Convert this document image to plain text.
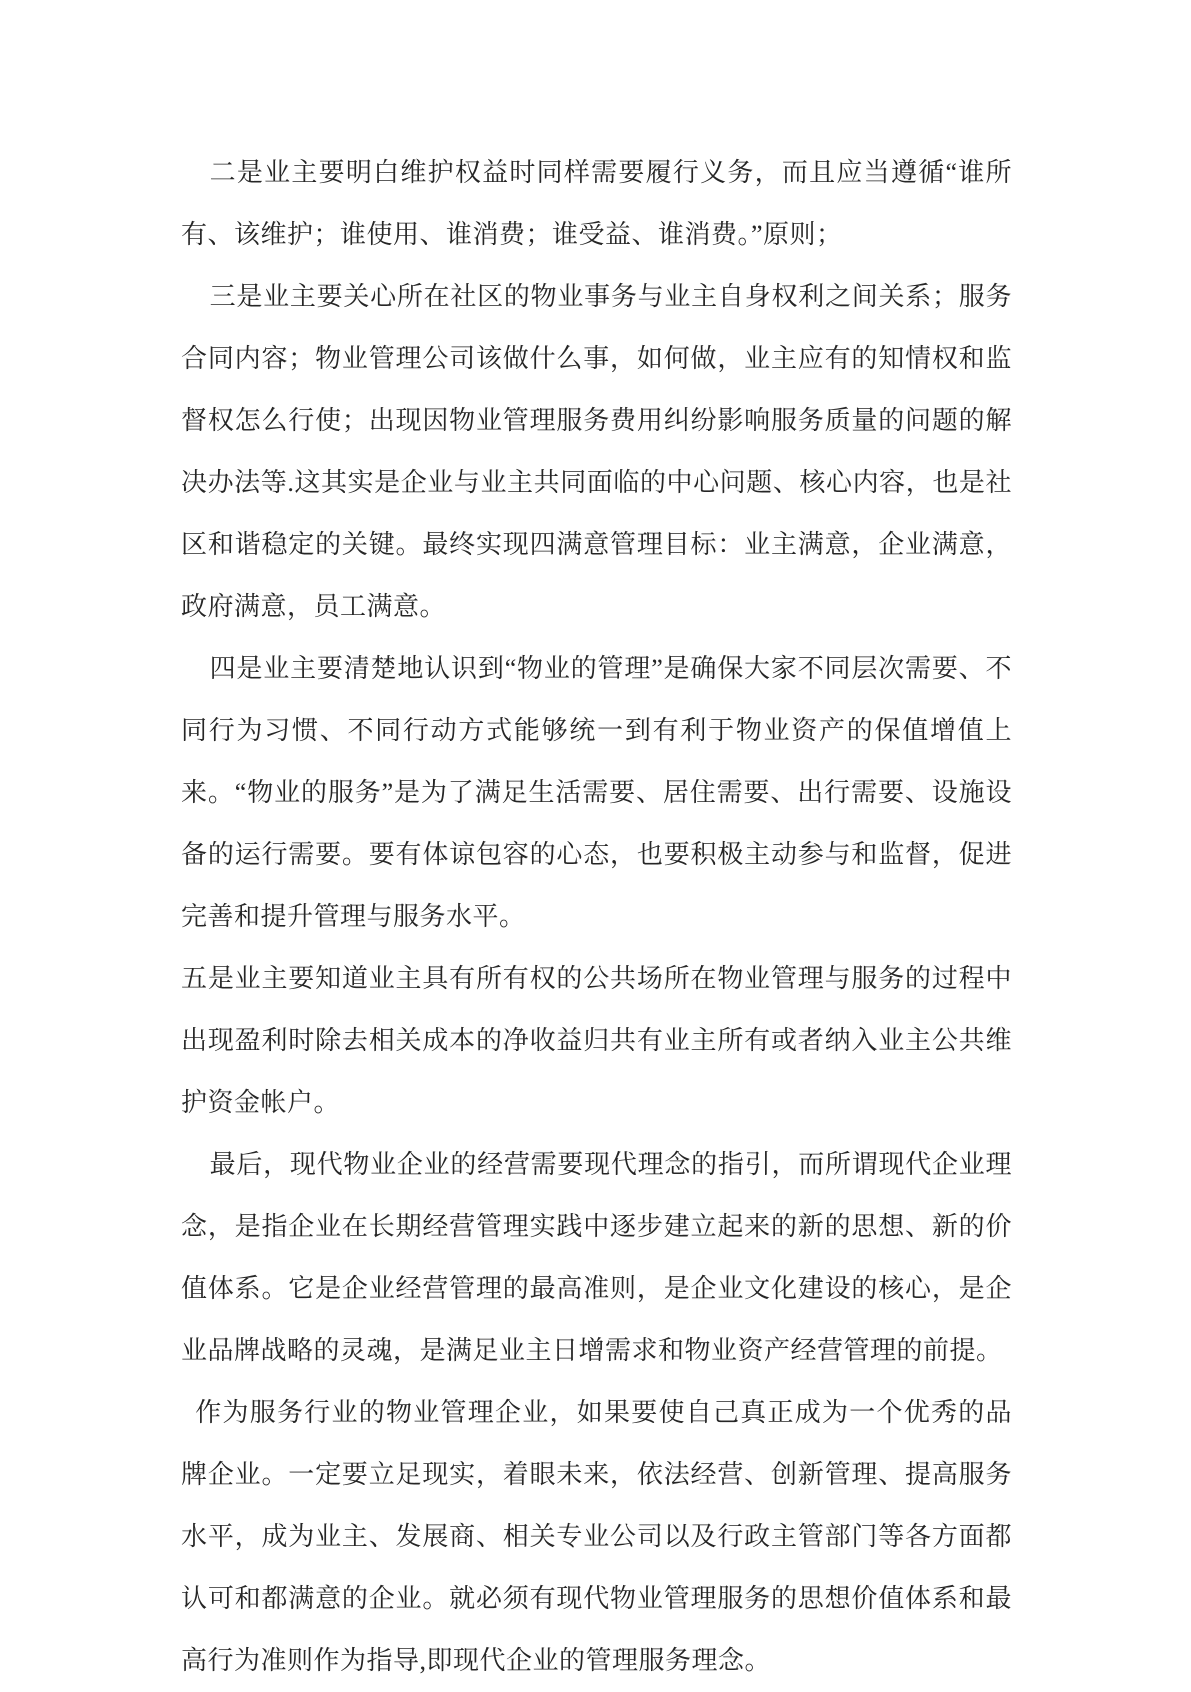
二是业主要明白维护权益时同样需要履行义务，而且应当遵循“谁所有、该维护；谁使用、谁消费；谁受益、谁消费。”原则；

三是业主要关心所在社区的物业事务与业主自身权利之间关系；服务合同内容；物业管理公司该做什么事，如何做，业主应有的知情权和监督权怎么行使；出现因物业管理服务费用纠纷影响服务质量的问题的解决办法等.这其实是企业与业主共同面临的中心问题、核心内容，也是社区和谐稳定的关键。最终实现四满意管理目标：业主满意，企业满意，政府满意，员工满意。

四是业主要清楚地认识到“物业的管理”是确保大家不同层次需要、不同行为习惯、不同行动方式能够统一到有利于物业资产的保值增值上来。“物业的服务”是为了满足生活需要、居住需要、出行需要、设施设备的运行需要。要有体谅包容的心态，也要积极主动参与和监督，促进完善和提升管理与服务水平。

五是业主要知道业主具有所有权的公共场所在物业管理与服务的过程中出现盈利时除去相关成本的净收益归共有业主所有或者纳入业主公共维护资金帐户。

最后，现代物业企业的经营需要现代理念的指引，而所谓现代企业理念，是指企业在长期经营管理实践中逐步建立起来的新的思想、新的价值体系。它是企业经营管理的最高准则，是企业文化建设的核心，是企业品牌战略的灵魂，是满足业主日增需求和物业资产经营管理的前提。

作为服务行业的物业管理企业，如果要使自己真正成为一个优秀的品牌企业。一定要立足现实，着眼未来，依法经营、创新管理、提高服务水平，成为业主、发展商、相关专业公司以及行政主管部门等各方面都认可和都满意的企业。就必须有现代物业管理服务的思想价值体系和最高行为准则作为指导,即现代企业的管理服务理念。
